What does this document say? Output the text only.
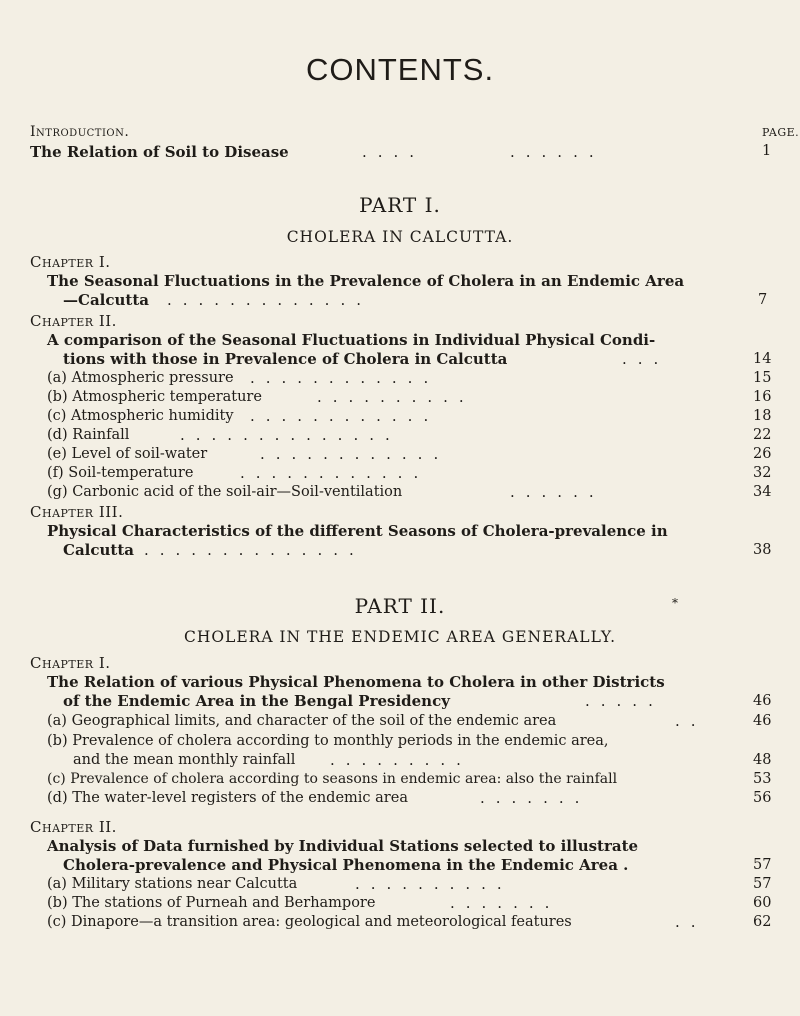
CONTENTS.
Introduction.	PAGE.
The Relation of Soil to Disease	....	......	1
PART I.
CHOLERA IN CALCUTTA.
Chapter I.
The Seasonal Fluctuations in the Prevalence of Cholera in an Endemic Area
—Calcutta .............	7
Chapter II.
A comparison of the Seasonal Fluctuations in Individual Physical Condi-
tions with those in Prevalence of Cholera in Calcutta	...	14
(a) Atmospheric pressure ............	15
(b) Atmospheric temperature	..........	16
(c) Atmospheric humidity ............	18
(d) Rainfall	..............	22
(e) Level of soil-water	............	26
(f) Soil-temperature	............	32
(g) Carbonic acid of the soil-air—Soil-ventilation	......	34
Chapter III.
Physical Characteristics of the different Seasons of Cholera-prevalence in
Calcutta ..............	38
PART II.	*
CHOLERA IN THE ENDEMIC AREA GENERALLY.
Chapter I.
The Relation of various Physical Phenomena to Cholera in other Districts
of the Endemic Area in the Bengal Presidency	.....	46
(a) Geographical limits, and character of the soil of the endemic area	..	46
(b) Prevalence of cholera according to monthly periods in the endemic area,
and the mean monthly rainfall .........	48
(c) Prevalence of cholera according to seasons in endemic area: also the rainfall	53
(d) The water-level registers of the endemic area	.......	56
Chapter II.
Analysis of Data furnished by Individual Stations selected to illustrate
Cholera-prevalence and Physical Phenomena in the Endemic Area .	57
(a) Military stations near Calcutta	..........	57
(b) The stations of Purneah and Berhampore	.......	60
(c) Dinapore—a transition area: geological and meteorological features	..	62
